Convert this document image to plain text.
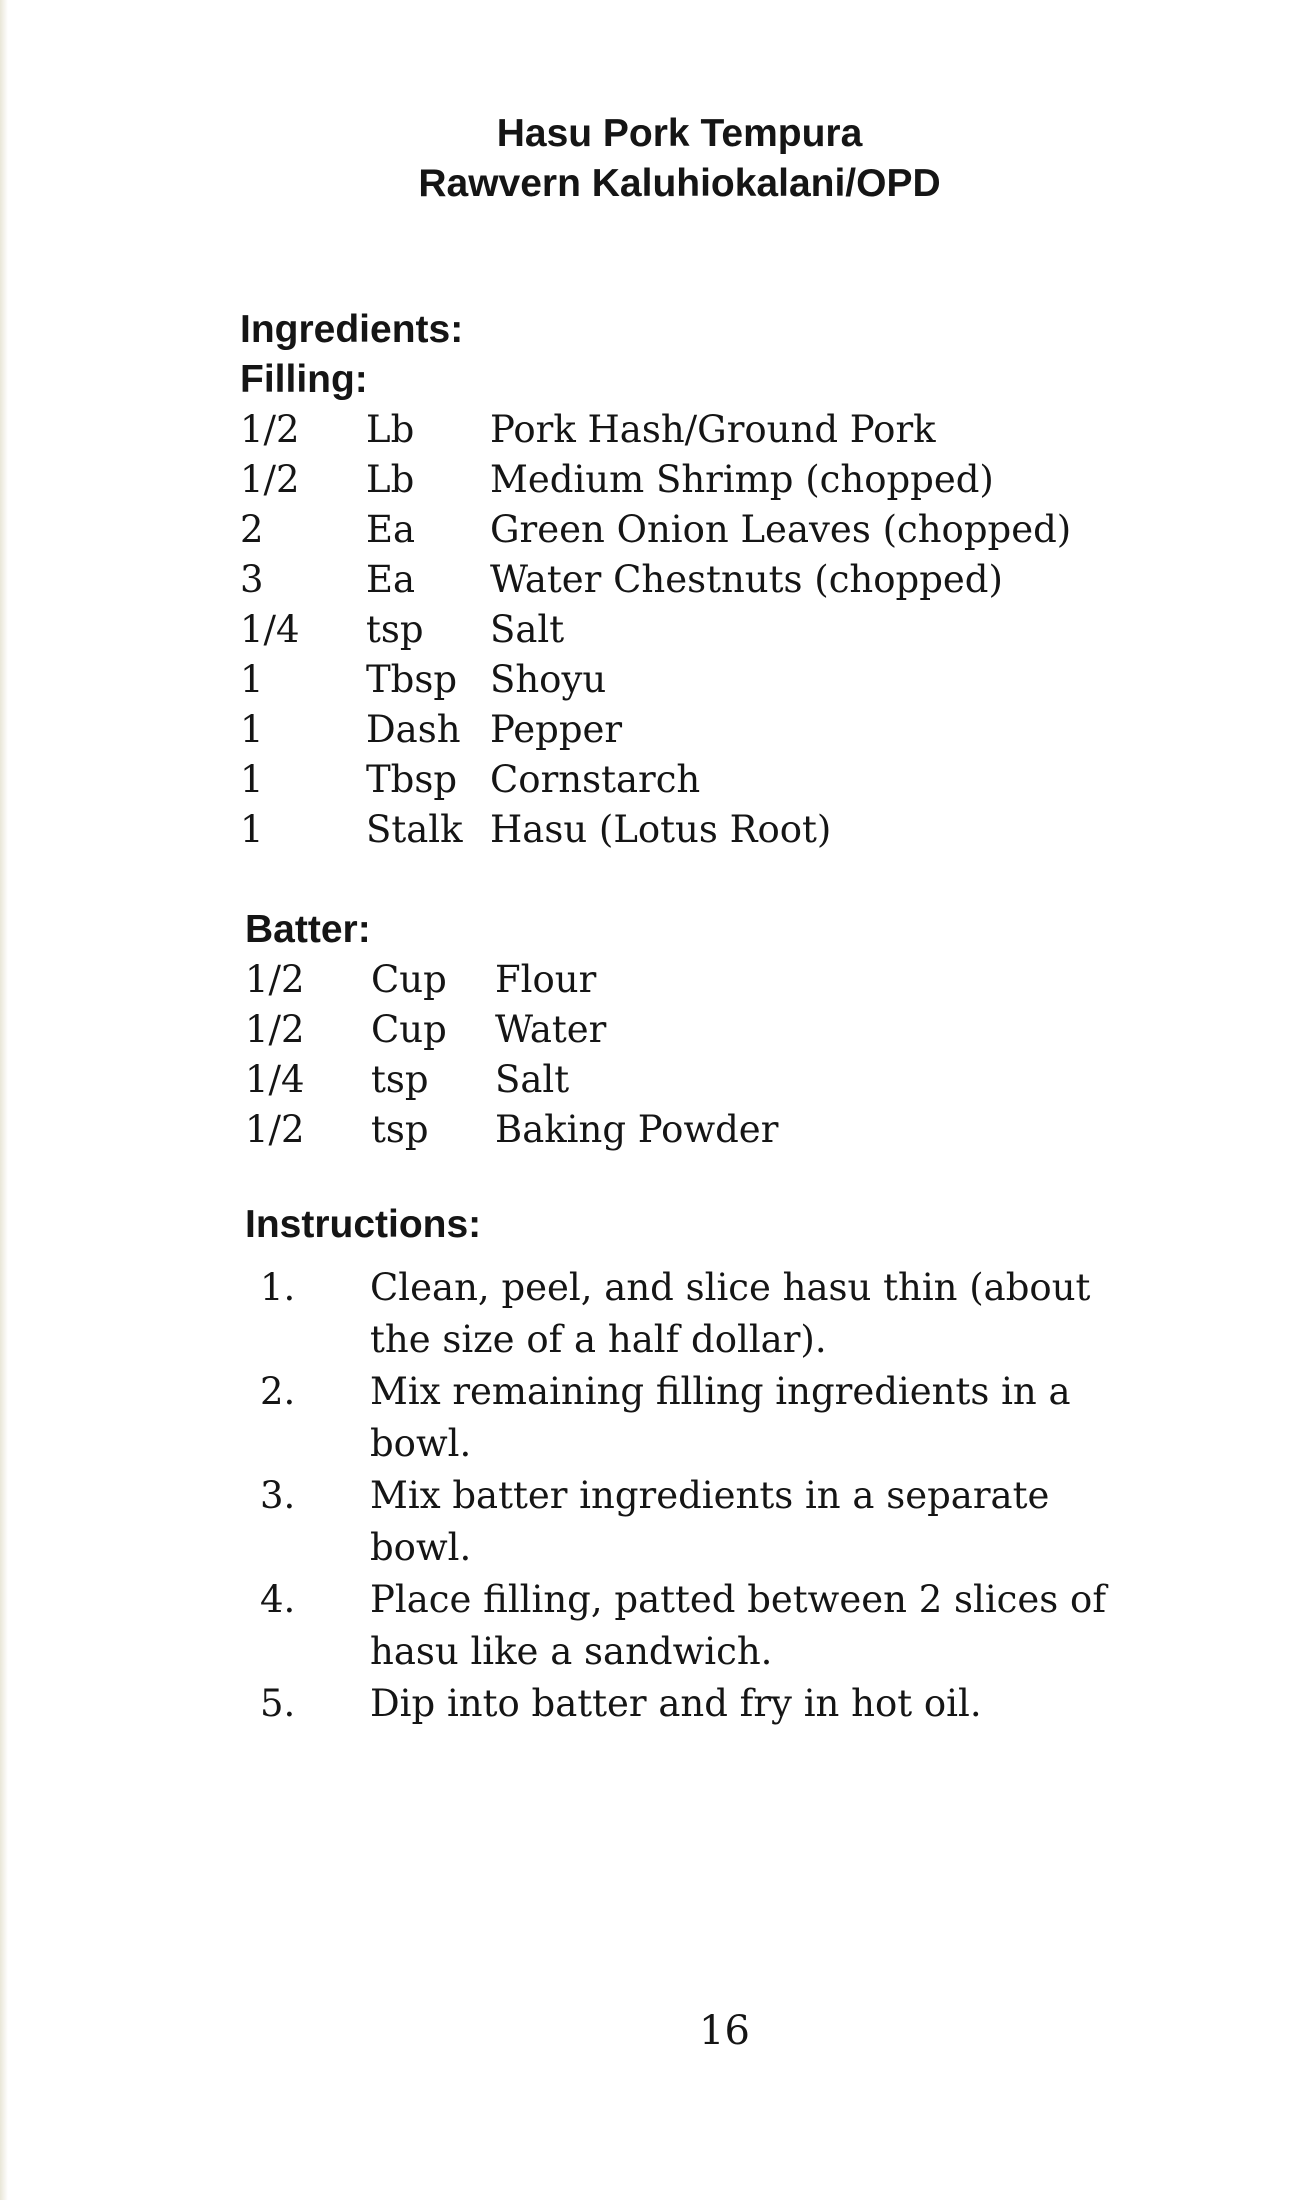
Hasu Pork Tempura
Rawvern Kaluhiokalani/OPD
Ingredients:
Filling:
1/2 Lb Pork Hash/Ground Pork
1/2 Lb Medium Shrimp (chopped)
2	Ea Green Onion Leaves (chopped)
3	Ea Water Chestnuts (chopped)
1/4 tsp Salt
1	Tbsp Shoyu
1	Dash Pepper
1	Tbsp Cornstarch
1	Stalk Hasu (Lotus Root)
Batter:
1/2 Cup Flour
1/2 Cup Water
1/4 tsp Salt
1/2 tsp Baking Powder
Instructions:
1.	Clean, peel, and slice hasu thin (about the size of a half dollar).
2.	Mix remaining filling ingredients in a bowl.
3.	Mix batter ingredients in a separate bowl.
4.	Place filling, patted between 2 slices of hasu like a sandwich.
5.	Dip into batter and fry in hot oil.
16
